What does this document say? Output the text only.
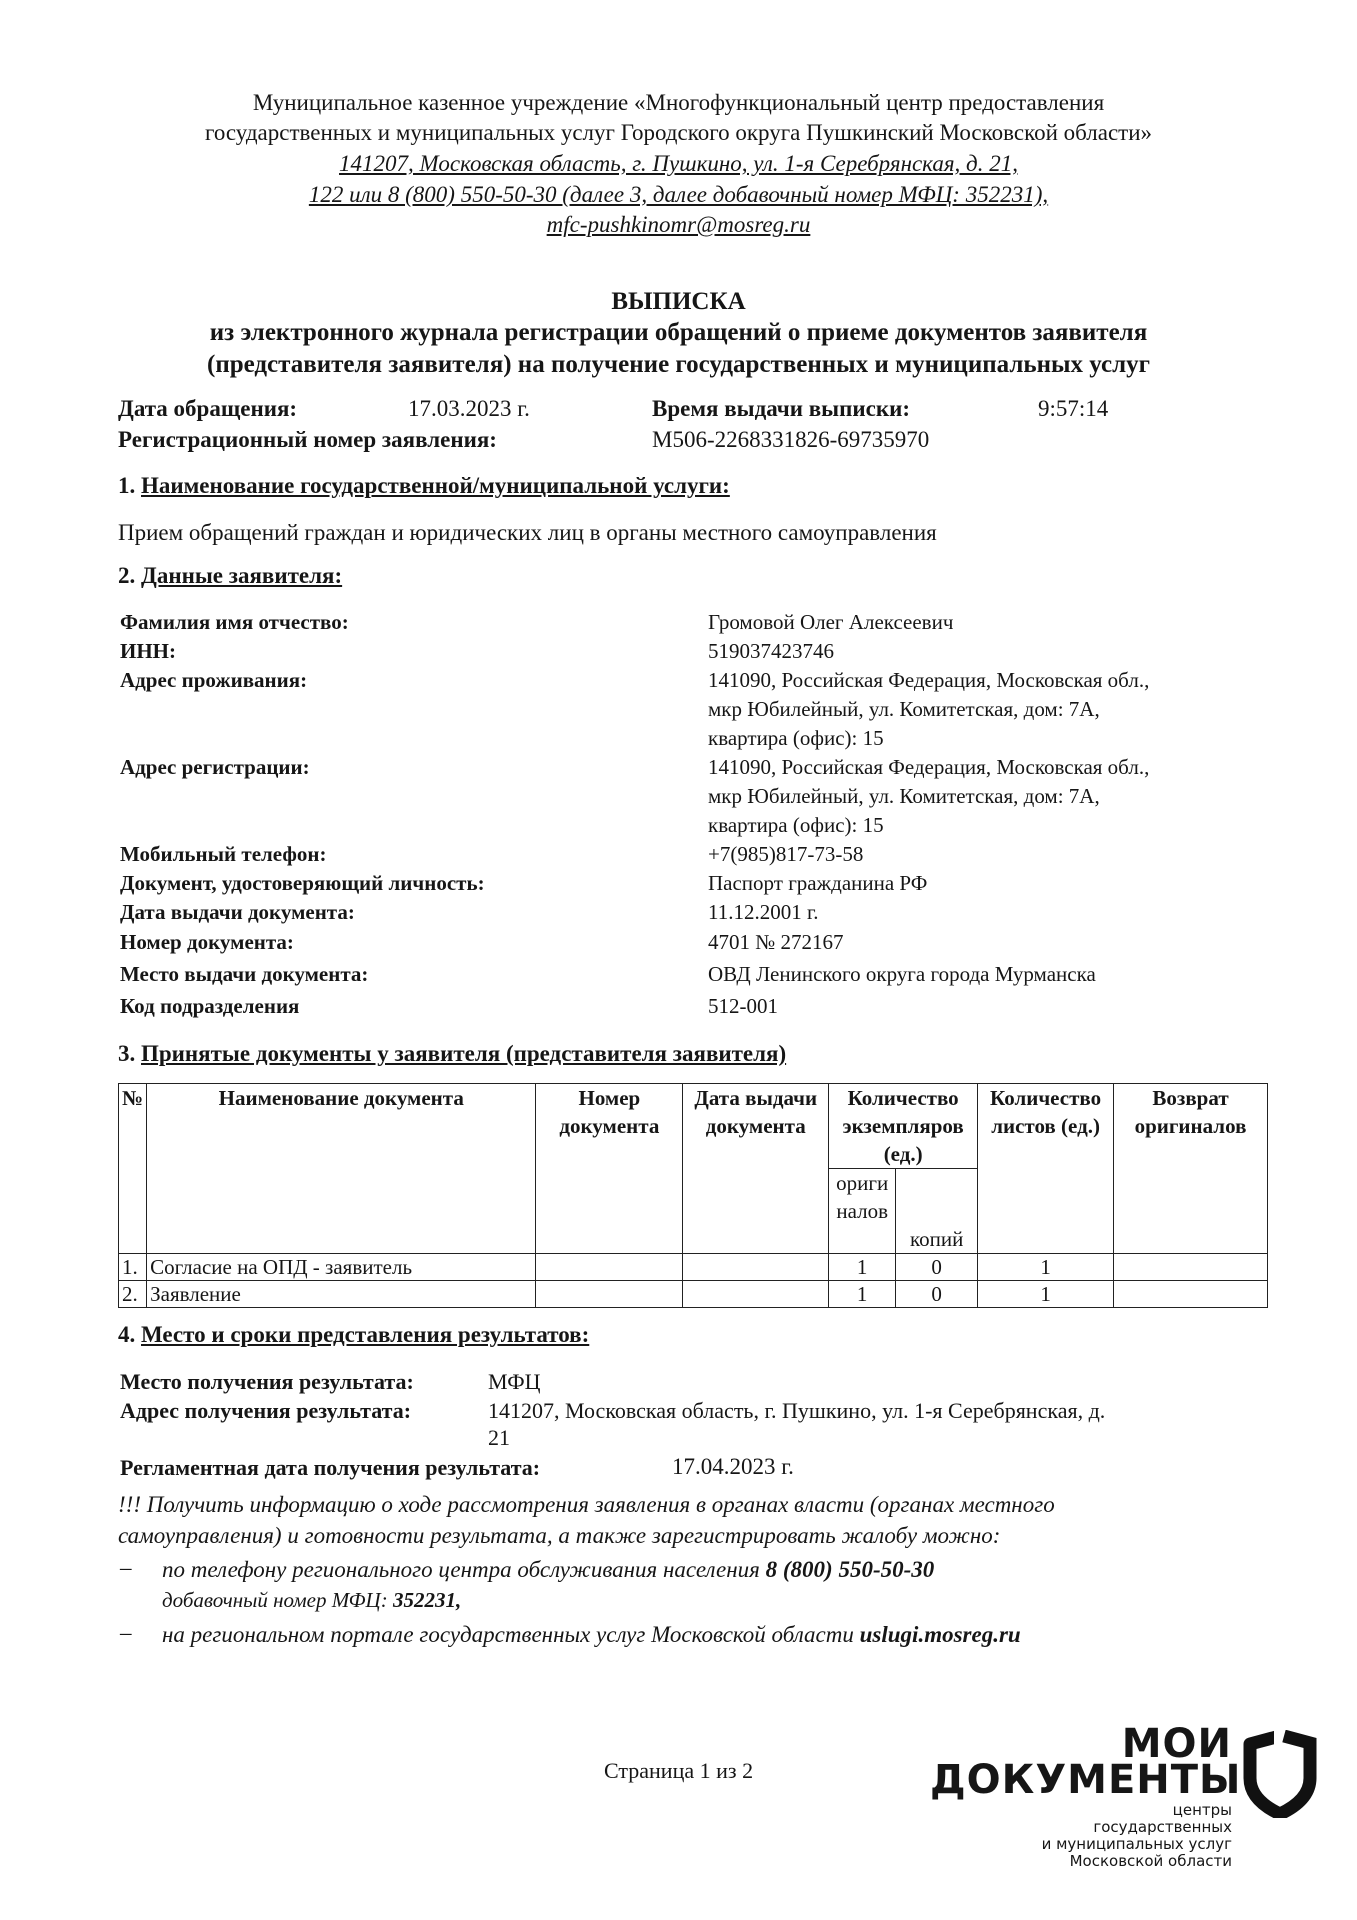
Муниципальное казенное учреждение «Многофункциональный центр предоставления
государственных и муниципальных услуг Городского округа Пушкинский Московской области»
141207, Московская область, г. Пушкино, ул. 1-я Серебрянская, д. 21,
122 или 8 (800) 550-50-30 (далее 3, далее добавочный номер МФЦ: 352231),
mfc-pushkinomr@mosreg.ru
ВЫПИСКА
из электронного журнала регистрации обращений о приеме документов заявителя
(представителя заявителя) на получение государственных и муниципальных услуг
Дата обращения:	17.03.2023 г.	Время выдачи выписки:	9:57:14
Регистрационный номер заявления:	М506-2268331826-69735970
1. Наименование государственной/муниципальной услуги:
Прием обращений граждан и юридических лиц в органы местного самоуправления
2. Данные заявителя:
Фамилия имя отчество:	Громовой Олег Алексеевич
ИНН:	519037423746
Адрес проживания:	141090, Российская Федерация, Московская обл.,
мкр Юбилейный, ул. Комитетская, дом: 7А,
квартира (офис): 15
Адрес регистрации:	141090, Российская Федерация, Московская обл.,
мкр Юбилейный, ул. Комитетская, дом: 7А,
квартира (офис): 15
Мобильный телефон:	+7(985)817-73-58
Документ, удостоверяющий личность:	Паспорт гражданина РФ
Дата выдачи документа:	11.12.2001 г.
Номер документа:	4701 № 272167
Место выдачи документа:	ОВД Ленинского округа города Мурманска
Код подразделения	512-001
3. Принятые документы у заявителя (представителя заявителя)
№	Наименование документа	Номер документа	Дата выдачи документа	Количество экземпляров (ед.)		Количество листов (ед.)	Возврат оригиналов
				ориги налов	копий		
1.	Согласие на ОПД - заявитель			1	0	1	
2.	Заявление			1	0	1	
4. Место и сроки представления результатов:
Место получения результата:	МФЦ
Адрес получения результата:	141207, Московская область, г. Пушкино, ул. 1-я Серебрянская, д.
21
Регламентная дата получения результата:	17.04.2023 г.
!!! Получить информацию о ходе рассмотрения заявления в органах власти (органах местного
самоуправления) и готовности результата, а также зарегистрировать жалобу можно:
– по телефону регионального центра обслуживания населения 8 (800) 550-50-30
добавочный номер МФЦ: 352231,
– на региональном портале государственных услуг Московской области uslugi.mosreg.ru
Страница 1 из 2
МОИ
ДОКУМЕНТЫ
центры
государственных
и муниципальных услуг
Московской области
